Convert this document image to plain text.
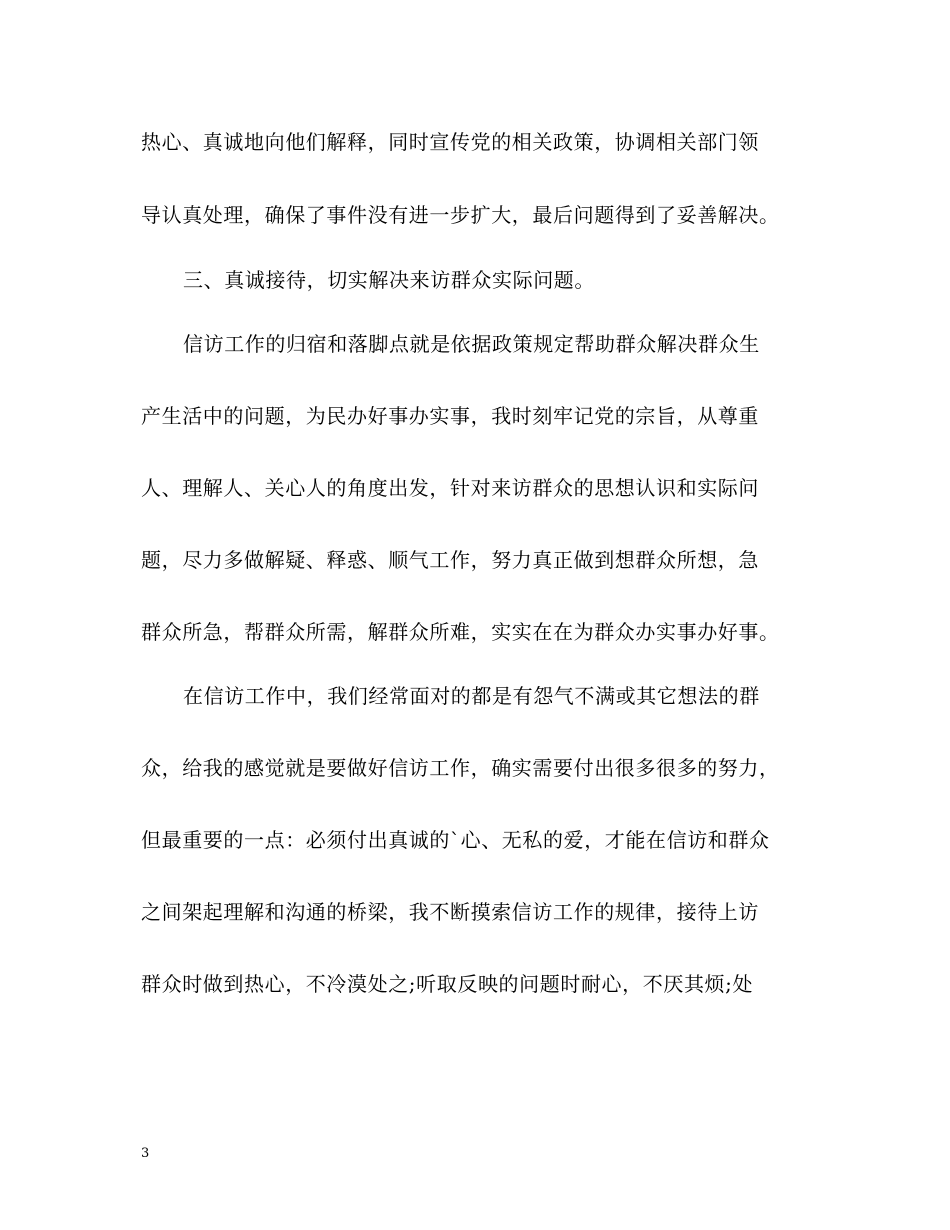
热心、真诚地向他们解释，同时宣传党的相关政策，协调相关部门领
导认真处理，确保了事件没有进一步扩大，最后问题得到了妥善解决。
三、真诚接待，切实解决来访群众实际问题。
信访工作的归宿和落脚点就是依据政策规定帮助群众解决群众生
产生活中的问题，为民办好事办实事，我时刻牢记党的宗旨，从尊重
人、理解人、关心人的角度出发，针对来访群众的思想认识和实际问
题，尽力多做解疑、释惑、顺气工作，努力真正做到想群众所想，急
群众所急，帮群众所需，解群众所难，实实在在为群众办实事办好事。
在信访工作中，我们经常面对的都是有怨气不满或其它想法的群
众，给我的感觉就是要做好信访工作，确实需要付出很多很多的努力，
但最重要的一点：必须付出真诚的`心、无私的爱，才能在信访和群众
之间架起理解和沟通的桥梁，我不断摸索信访工作的规律，接待上访
群众时做到热心，不冷漠处之;听取反映的问题时耐心，不厌其烦;处
3
